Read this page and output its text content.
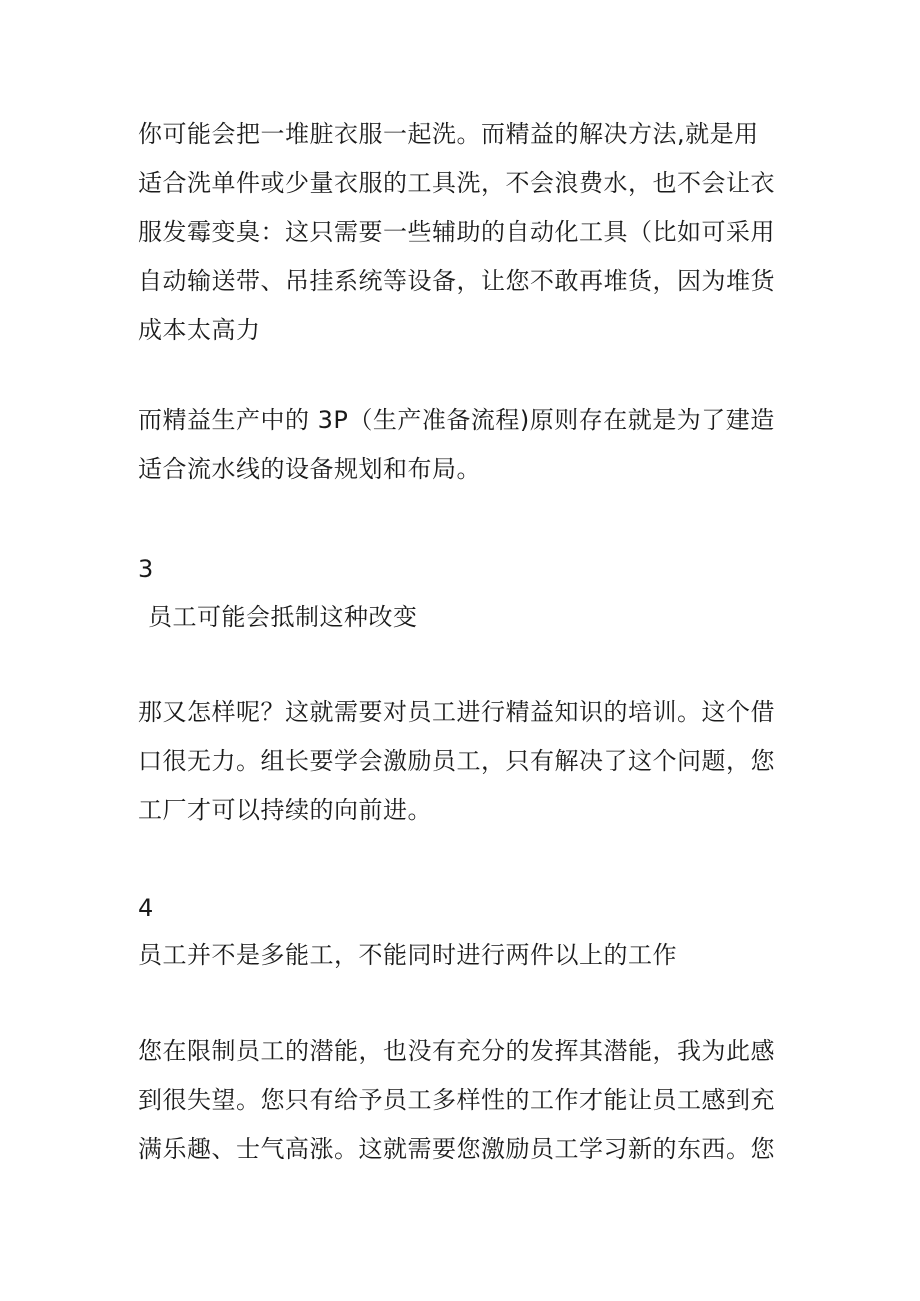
你可能会把一堆脏衣服一起洗。而精益的解决方法,就是用
适合洗单件或少量衣服的工具洗，不会浪费水，也不会让衣
服发霉变臭：这只需要一些辅助的自动化工具（比如可采用
自动输送带、吊挂系统等设备，让您不敢再堆货，因为堆货
成本太高力
而精益生产中的 3P（生产准备流程)原则存在就是为了建造
适合流水线的设备规划和布局。
3
员工可能会抵制这种改变
那又怎样呢？这就需要对员工进行精益知识的培训。这个借
口很无力。组长要学会激励员工，只有解决了这个问题，您
工厂才可以持续的向前进。
4
员工并不是多能工，不能同时进行两件以上的工作
您在限制员工的潜能，也没有充分的发挥其潜能，我为此感
到很失望。您只有给予员工多样性的工作才能让员工感到充
满乐趣、士气高涨。这就需要您激励员工学习新的东西。您
